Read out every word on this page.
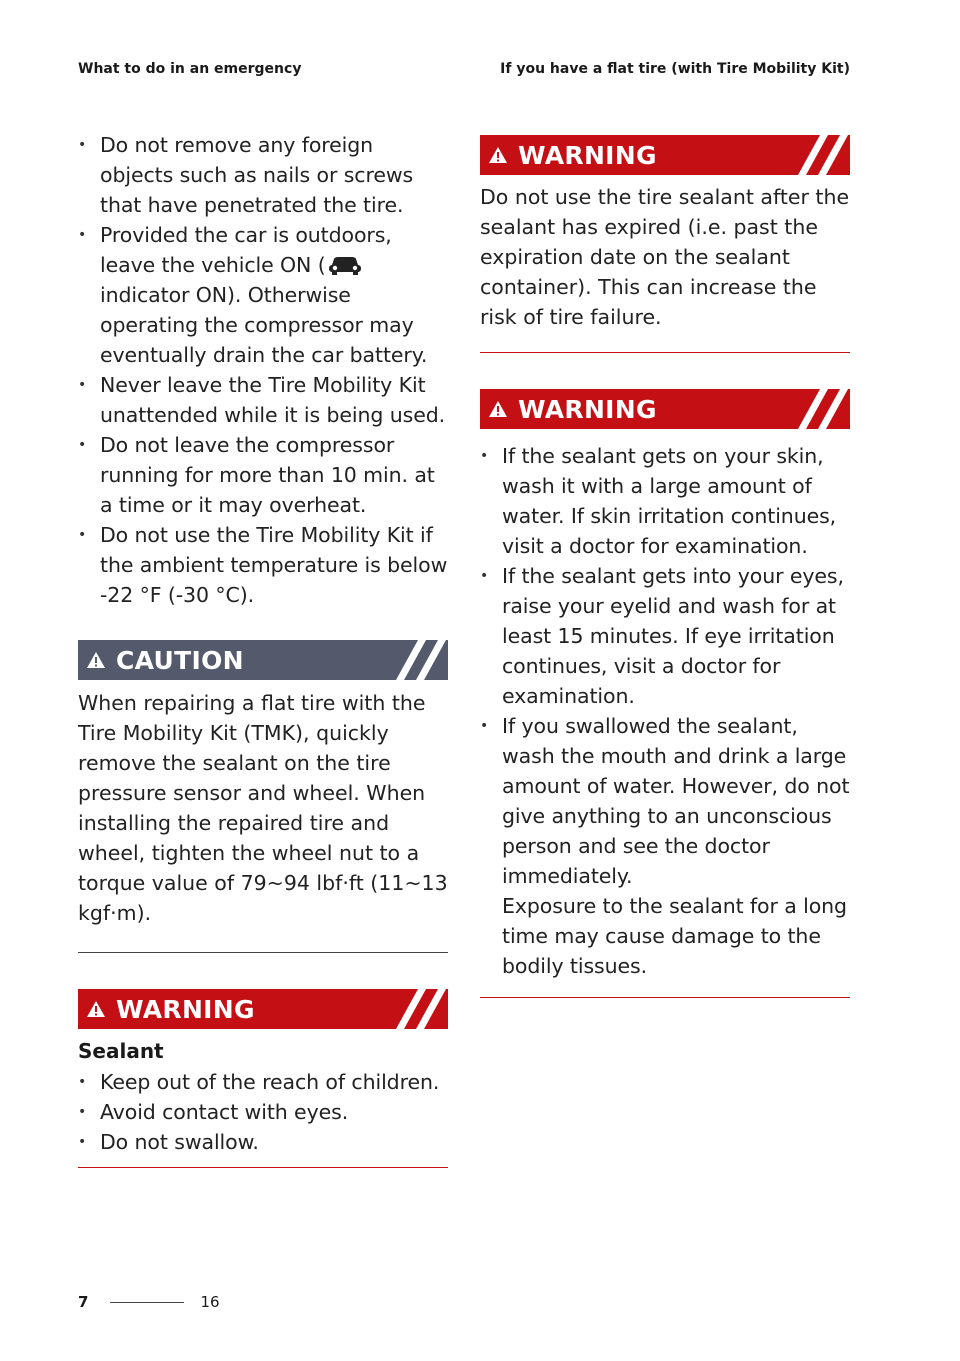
What to do in an emergency	If you have a flat tire (with Tire Mobility Kit)
• Do not remove any foreign objects such as nails or screws that have penetrated the tire.
• Provided the car is outdoors, leave the vehicle ON ( indicator ON). Otherwise operating the compressor may eventually drain the car battery.
• Never leave the Tire Mobility Kit unattended while it is being used.
• Do not leave the compressor running for more than 10 min. at a time or it may overheat.
• Do not use the Tire Mobility Kit if the ambient temperature is below -22 °F (-30 °C).
CAUTION

When repairing a flat tire with the Tire Mobility Kit (TMK), quickly remove the sealant on the tire pressure sensor and wheel. When installing the repaired tire and wheel, tighten the wheel nut to a torque value of 79~94 lbf·ft (11~13 kgf·m).

WARNING
Sealant
• Keep out of the reach of children.
• Avoid contact with eyes.
• Do not swallow.
WARNING

Do not use the tire sealant after the sealant has expired (i.e. past the expiration date on the sealant container). This can increase the risk of tire failure.

WARNING
• If the sealant gets on your skin, wash it with a large amount of water. If skin irritation continues, visit a doctor for examination.
• If the sealant gets into your eyes, raise your eyelid and wash for at least 15 minutes. If eye irritation continues, visit a doctor for examination.
• If you swallowed the sealant, wash the mouth and drink a large amount of water. However, do not give anything to an unconscious person and see the doctor immediately.
Exposure to the sealant for a long time may cause damage to the bodily tissues.
7	16
